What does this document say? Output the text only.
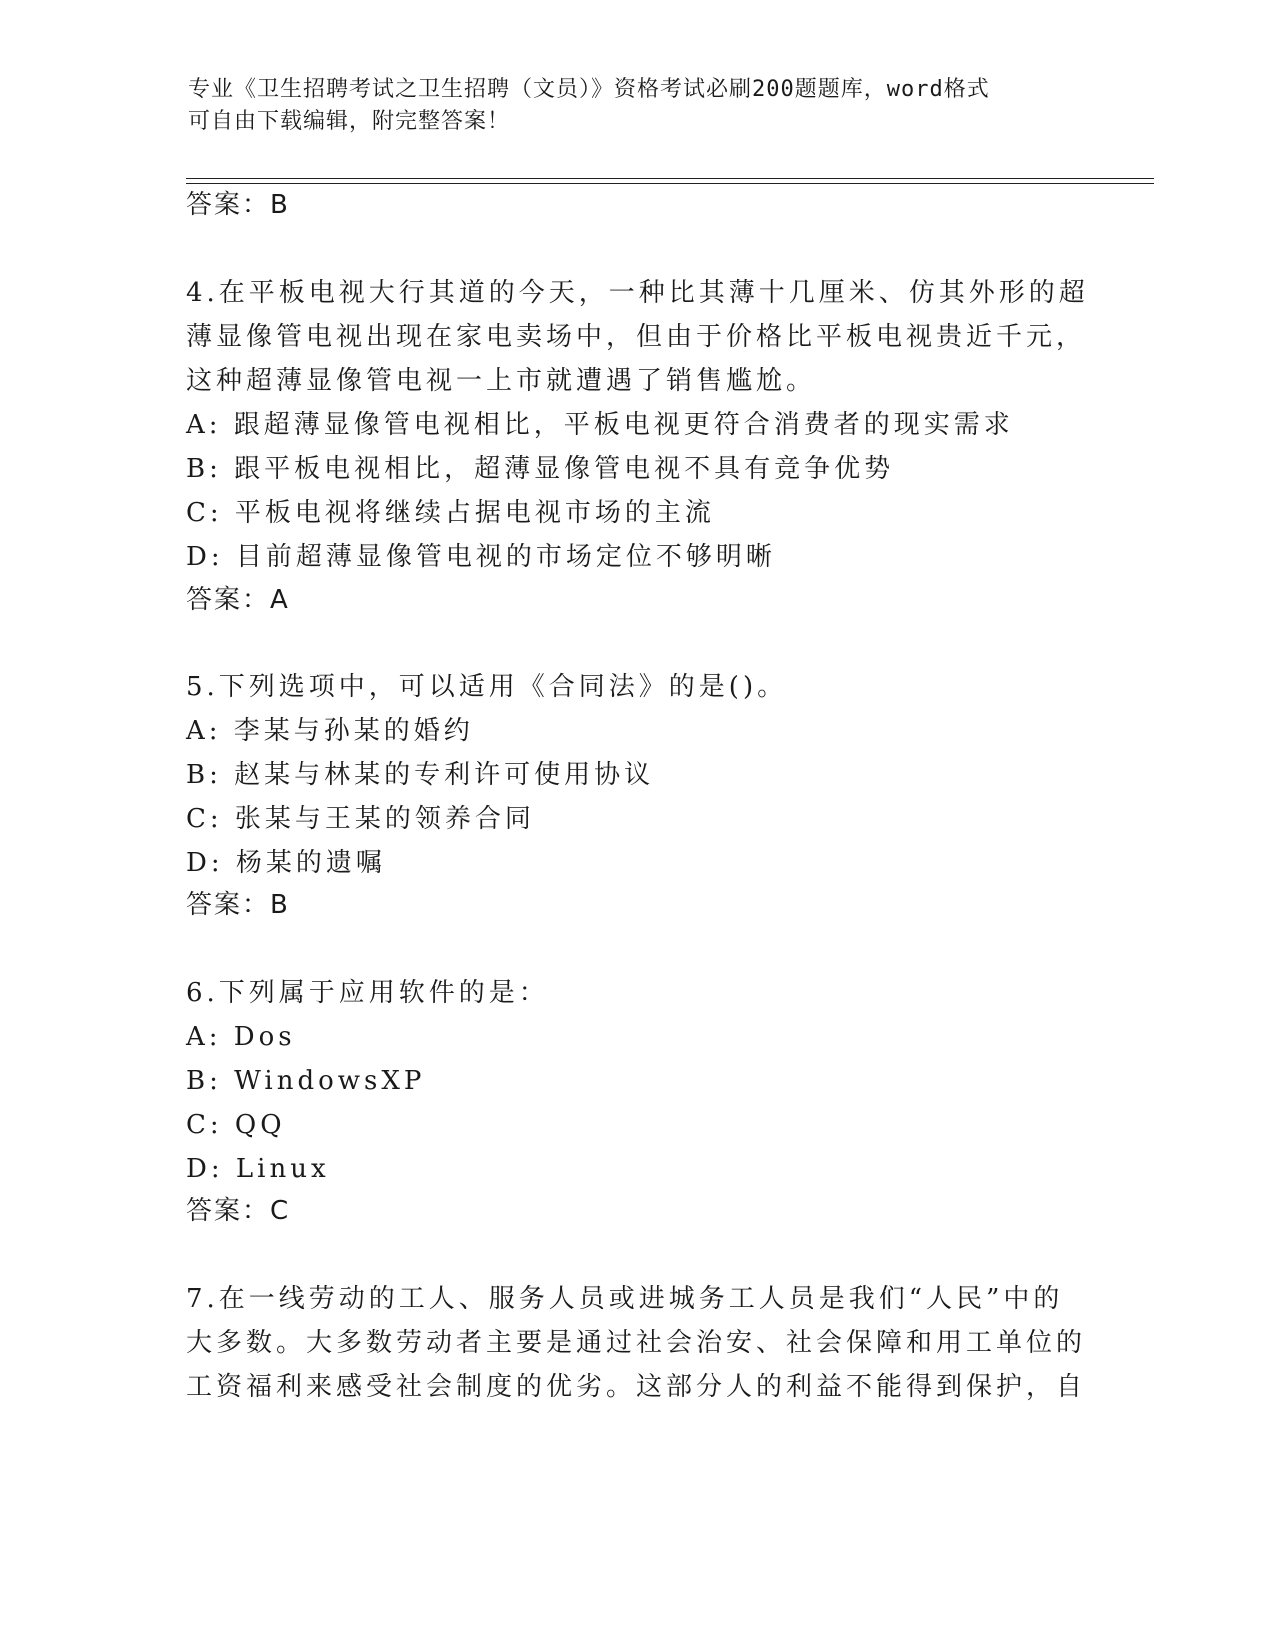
专业《卫生招聘考试之卫生招聘（文员）》资格考试必刷200题题库，word格式
可自由下载编辑，附完整答案！
答案：B
4.在平板电视大行其道的今天，一种比其薄十几厘米、仿其外形的超
薄显像管电视出现在家电卖场中，但由于价格比平板电视贵近千元，
这种超薄显像管电视一上市就遭遇了销售尴尬。
A: 跟超薄显像管电视相比，平板电视更符合消费者的现实需求
B: 跟平板电视相比，超薄显像管电视不具有竞争优势
C: 平板电视将继续占据电视市场的主流
D: 目前超薄显像管电视的市场定位不够明晰
答案：A
5.下列选项中，可以适用《合同法》的是()。
A: 李某与孙某的婚约
B: 赵某与林某的专利许可使用协议
C: 张某与王某的领养合同
D: 杨某的遗嘱
答案：B
6.下列属于应用软件的是：
A: Dos
B: WindowsXP
C: QQ
D: Linux
答案：C
7.在一线劳动的工人、服务人员或进城务工人员是我们“人民”中的
大多数。大多数劳动者主要是通过社会治安、社会保障和用工单位的
工资福利来感受社会制度的优劣。这部分人的利益不能得到保护，自
